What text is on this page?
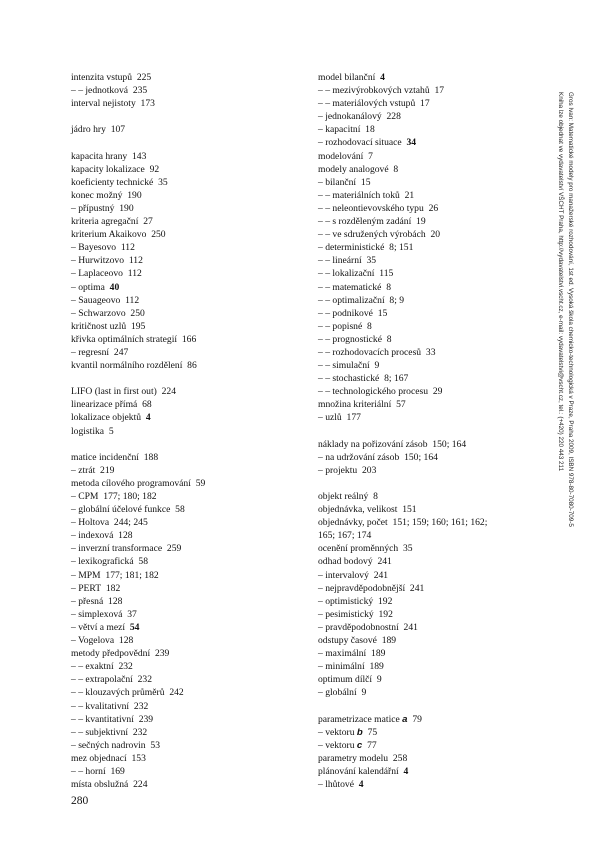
intenzita vstupů 225
– – jednotková 235
interval nejistoty 173
jádro hry 107
kapacita hrany 143
kapacity lokalizace 92
koeficienty technické 35
konec možný 190
– přípustný 190
kriteria agregační 27
kriterium Akaikovo 250
– Bayesovo 112
– Hurwitzovo 112
– Laplaceovo 112
– optima 40
– Sauageovo 112
– Schwarzovo 250
kritičnost uzlů 195
křivka optimálních strategií 166
– regresní 247
kvantil normálního rozdělení 86
LIFO (last in first out) 224
linearizace přímá 68
lokalizace objektů 4
logistika 5
matice incidenční 188
– ztrát 219
metoda cílového programování 59
– CPM 177; 180; 182
– globální účelové funkce 58
– Holtova 244; 245
– indexová 128
– inverzní transformace 259
– lexikografická 58
– MPM 177; 181; 182
– PERT 182
– přesná 128
– simplexová 37
– větví a mezí 54
– Vogelova 128
metody předpovědní 239
– – exaktní 232
– – extrapolační 232
– – klouzavých průměrů 242
– – kvalitativní 232
– – kvantitativní 239
– – subjektivní 232
– sečných nadrovin 53
mez objednací 153
– – horní 169
místa obslužná 224
model bilanční 4
– – mezivýrobkových vztahů 17
– – materiálových vstupů 17
– jednokanálový 228
– kapacitní 18
– rozhodovací situace 34
modelování 7
modely analogové 8
– bilanční 15
– – materiálních toků 21
– – neleontievovského typu 26
– – s rozděleným zadání 19
– – ve sdružených výrobách 20
– deterministické 8; 151
– – lineární 35
– – lokalizační 115
– – matematické 8
– – optimalizační 8; 9
– – podnikové 15
– – popisné 8
– – prognostické 8
– – rozhodovacích procesů 33
– – simulační 9
– – stochastické 8; 167
– – technologického procesu 29
množina kriteriální 57
– uzlů 177
náklady na pořizování zásob 150; 164
– na udržování zásob 150; 164
– projektu 203
objekt reálný 8
objednávka, velikost 151
objednávky, počet 151; 159; 160; 161; 162;
165; 167; 174
ocenění proměnných 35
odhad bodový 241
– intervalový 241
– nejpravděpodobnější 241
– optimistický 192
– pesimistický 192
– pravděpodobnostní 241
odstupy časové 189
– maximální 189
– minimální 189
optimum dílčí 9
– globální 9
parametrizace matice a 79
– vektoru b 75
– vektoru c 77
parametry modelu 258
plánování kalendářní 4
– lhůtové 4
280
Gros Ivan: Matematické modely pro manažerské rozhodování, 1st ed. Vysoká škola chemicko-technologická v Praze, Praha 2009, ISBN 978-80-7080-709-5
Kniha lze objednat ve vydavatelství VŠCHT Praha, http://vydavatelstvi.vscht.cz, e-mail: vydavatelstvi@vscht.cz, tel.: (+420) 220 443 211
